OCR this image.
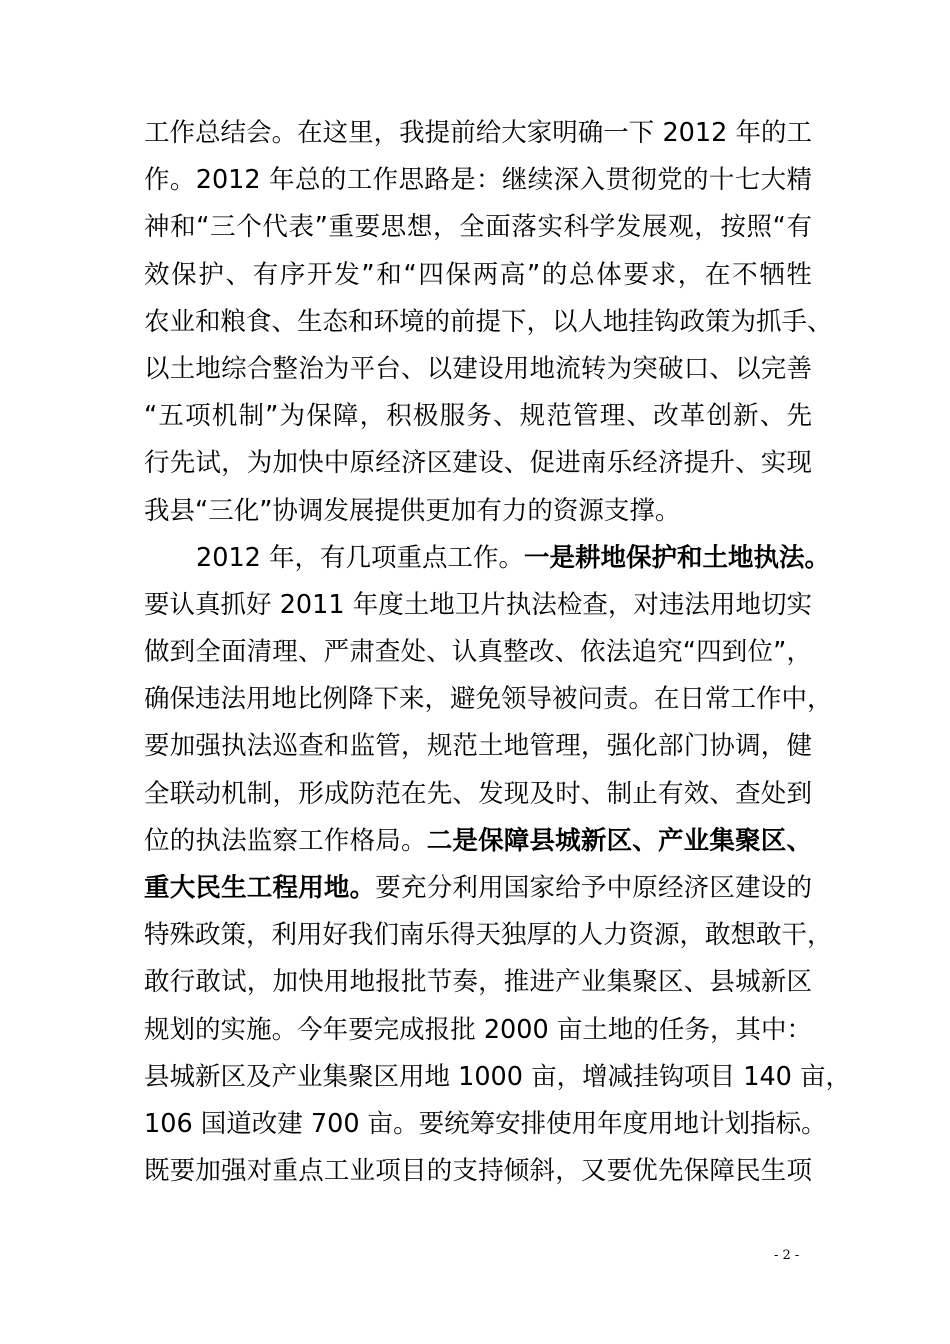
工作总结会。在这里，我提前给大家明确一下 2012 年的工
作。2012 年总的工作思路是：继续深入贯彻党的十七大精
神和“三个代表”重要思想，全面落实科学发展观，按照“有
效保护、有序开发”和“四保两高”的总体要求，在不牺牲
农业和粮食、生态和环境的前提下，以人地挂钩政策为抓手、
以土地综合整治为平台、以建设用地流转为突破口、以完善
“五项机制”为保障，积极服务、规范管理、改革创新、先
行先试，为加快中原经济区建设、促进南乐经济提升、实现
我县“三化”协调发展提供更加有力的资源支撑。
2012 年，有几项重点工作。一是耕地保护和土地执法。
要认真抓好 2011 年度土地卫片执法检查，对违法用地切实
做到全面清理、严肃查处、认真整改、依法追究“四到位”，
确保违法用地比例降下来，避免领导被问责。在日常工作中，
要加强执法巡查和监管，规范土地管理，强化部门协调，健
全联动机制，形成防范在先、发现及时、制止有效、查处到
位的执法监察工作格局。二是保障县城新区、产业集聚区、
重大民生工程用地。要充分利用国家给予中原经济区建设的
特殊政策，利用好我们南乐得天独厚的人力资源，敢想敢干，
敢行敢试，加快用地报批节奏，推进产业集聚区、县城新区
规划的实施。今年要完成报批 2000 亩土地的任务，其中：
县城新区及产业集聚区用地 1000 亩，增减挂钩项目 140 亩，
106 国道改建 700 亩。要统筹安排使用年度用地计划指标。
既要加强对重点工业项目的支持倾斜，又要优先保障民生项
- 2 -
